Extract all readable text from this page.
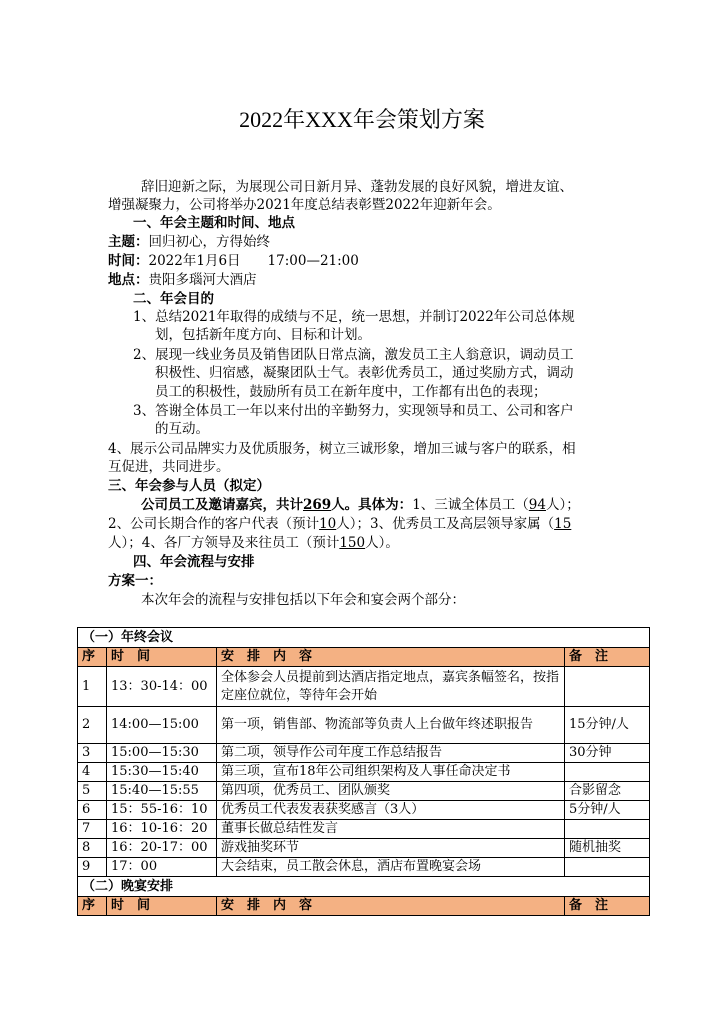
2022年XXX年会策划方案
辞旧迎新之际，为展现公司日新月异、蓬勃发展的良好风貌，增进友谊、
增强凝聚力，公司将举办2021年度总结表彰暨2022年迎新年会。
一、年会主题和时间、地点
主题：回归初心，方得始终
时间：2022年1月6日　　17:00—21:00
地点：贵阳多瑙河大酒店
二、年会目的
1、总结2021年取得的成绩与不足，统一思想，并制订2022年公司总体规
划，包括新年度方向、目标和计划。
2、展现一线业务员及销售团队日常点滴，激发员工主人翁意识，调动员工
积极性、归宿感，凝聚团队士气。表彰优秀员工，通过奖励方式，调动
员工的积极性，鼓励所有员工在新年度中，工作都有出色的表现；
3、答谢全体员工一年以来付出的辛勤努力，实现领导和员工、公司和客户
的互动。
4、展示公司品牌实力及优质服务，树立三诚形象，增加三诚与客户的联系，相
互促进，共同进步。
三、年会参与人员（拟定）
公司员工及邀请嘉宾，共计269人。具体为：1、三诚全体员工（94人）；
2、公司长期合作的客户代表（预计10人）；3、优秀员工及高层领导家属（15
人）；4、各厂方领导及来往员工（预计150人）。
四、年会流程与安排
方案一：
本次年会的流程与安排包括以下年会和宴会两个部分：
（一）年终会议			
序	时　间	安　排　内　容	备　注
1	13：30-14：00	全体参会人员提前到达酒店指定地点，嘉宾条幅签名，按指定座位就位，等待年会开始	
2	14:00—15:00	第一项，销售部、物流部等负责人上台做年终述职报告	15分钟/人
3	15:00—15:30	第二项，领导作公司年度工作总结报告	30分钟
4	15:30—15:40	第三项，宣布18年公司组织架构及人事任命决定书	
5	15:40—15:55	第四项，优秀员工、团队颁奖	合影留念
6	15：55-16：10	优秀员工代表发表获奖感言（3人）	5分钟/人
7	16：10-16：20	董事长做总结性发言	
8	16：20-17：00	游戏抽奖环节	随机抽奖
9	17：00	大会结束，员工散会休息，酒店布置晚宴会场	
（二）晚宴安排			
序	时　间	安　排　内　容	备　注
